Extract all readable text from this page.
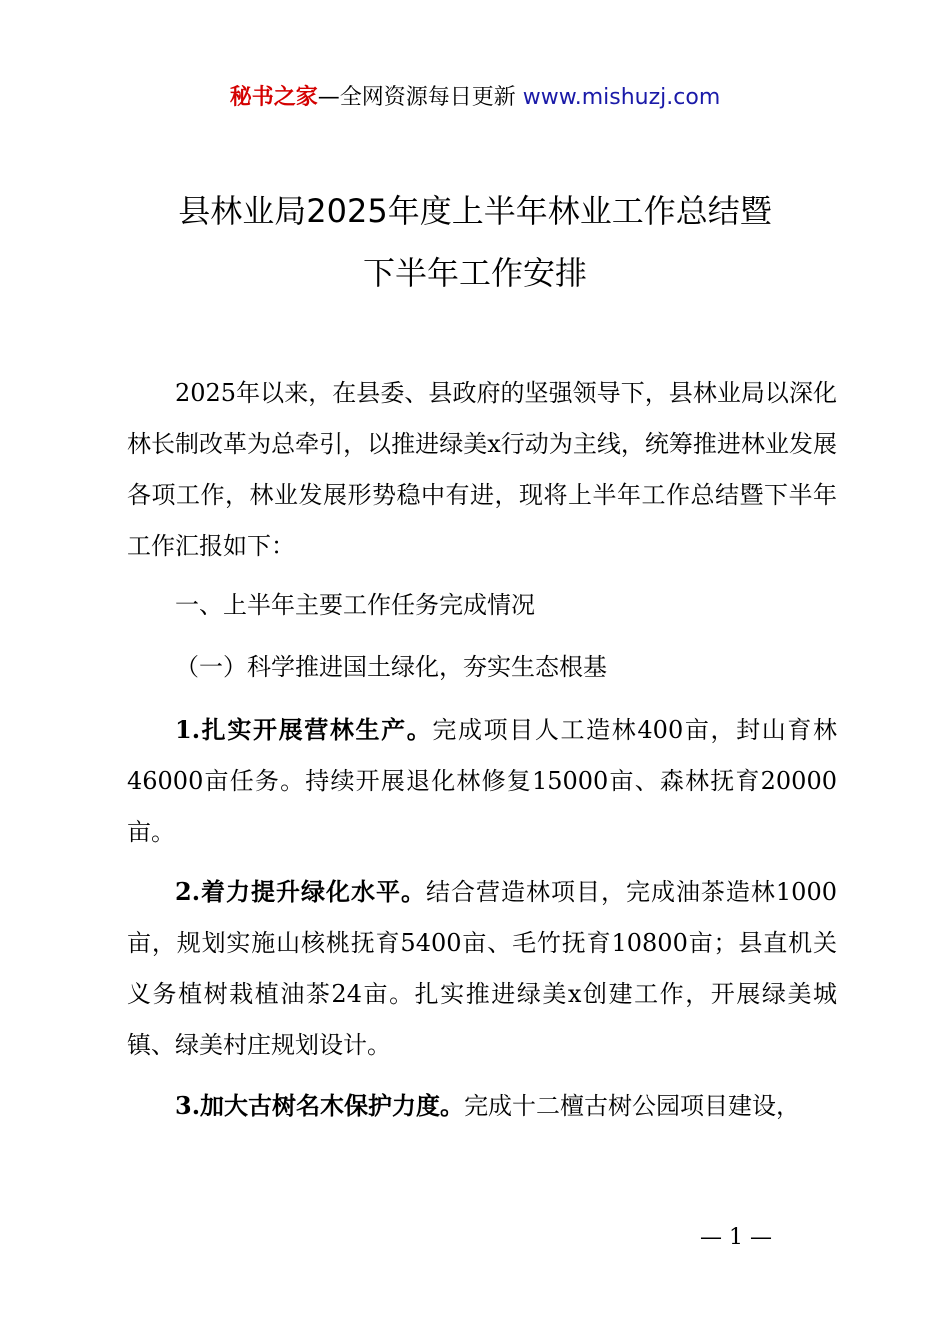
秘书之家—全网资源每日更新 www.mishuzj.com
县林业局2025年度上半年林业工作总结暨
下半年工作安排

2025年以来，在县委、县政府的坚强领导下，县林业局以深化林长制改革为总牵引，以推进绿美x行动为主线，统筹推进林业发展各项工作，林业发展形势稳中有进，现将上半年工作总结暨下半年工作汇报如下：

一、上半年主要工作任务完成情况

（一）科学推进国土绿化，夯实生态根基

1.扎实开展营林生产。完成项目人工造林400亩，封山育林46000亩任务。持续开展退化林修复15000亩、森林抚育20000亩。

2.着力提升绿化水平。结合营造林项目，完成油茶造林1000亩，规划实施山核桃抚育5400亩、毛竹抚育10800亩；县直机关义务植树栽植油茶24亩。扎实推进绿美x创建工作，开展绿美城镇、绿美村庄规划设计。

3.加大古树名木保护力度。完成十二檀古树公园项目建设，

— 1 —
